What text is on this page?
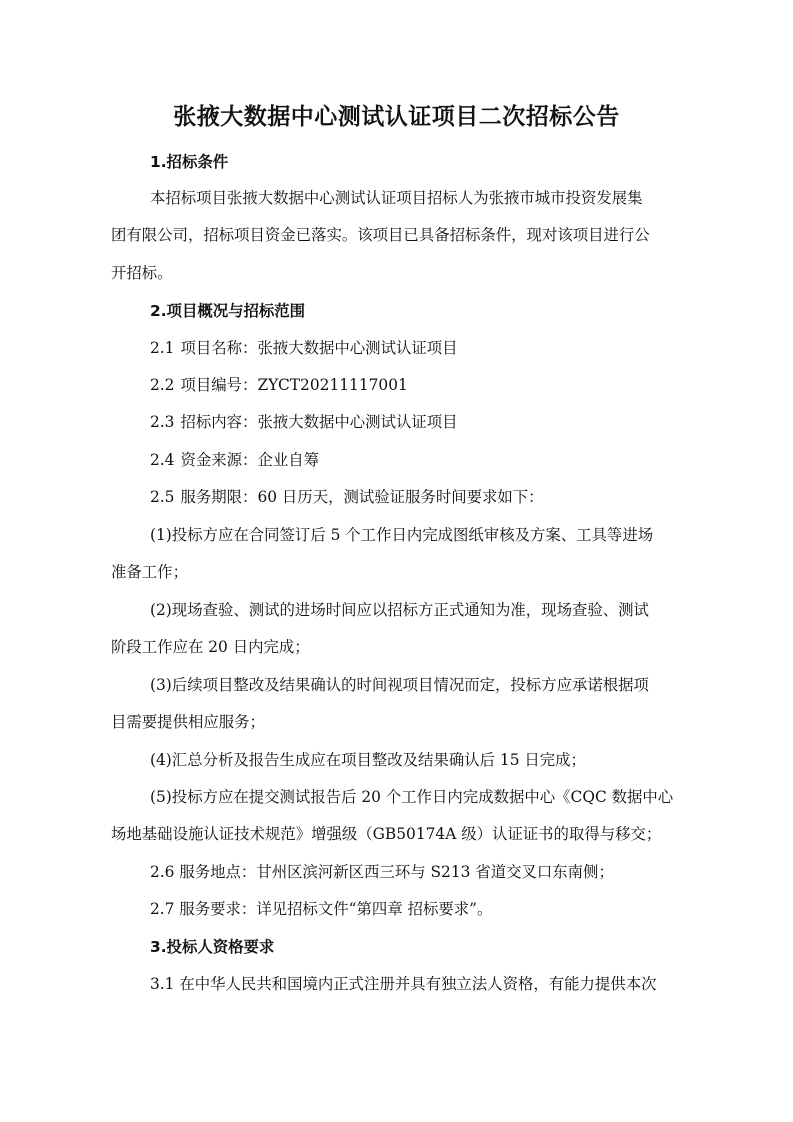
张掖大数据中心测试认证项目二次招标公告
1.招标条件
本招标项目张掖大数据中心测试认证项目招标人为张掖市城市投资发展集
团有限公司，招标项目资金已落实。该项目已具备招标条件，现对该项目进行公
开招标。
2.项目概况与招标范围
2.1 项目名称：张掖大数据中心测试认证项目
2.2 项目编号：ZYCT20211117001
2.3 招标内容：张掖大数据中心测试认证项目
2.4 资金来源：企业自筹
2.5 服务期限：60 日历天，测试验证服务时间要求如下：
(1)投标方应在合同签订后 5 个工作日内完成图纸审核及方案、工具等进场
准备工作；
(2)现场查验、测试的进场时间应以招标方正式通知为准，现场查验、测试
阶段工作应在 20 日内完成；
(3)后续项目整改及结果确认的时间视项目情况而定，投标方应承诺根据项
目需要提供相应服务；
(4)汇总分析及报告生成应在项目整改及结果确认后 15 日完成；
(5)投标方应在提交测试报告后 20 个工作日内完成数据中心《CQC 数据中心
场地基础设施认证技术规范》增强级（GB50174A 级）认证证书的取得与移交；
2.6 服务地点：甘州区滨河新区西三环与 S213 省道交叉口东南侧；
2.7 服务要求：详见招标文件“第四章 招标要求”。
3.投标人资格要求
3.1 在中华人民共和国境内正式注册并具有独立法人资格，有能力提供本次
